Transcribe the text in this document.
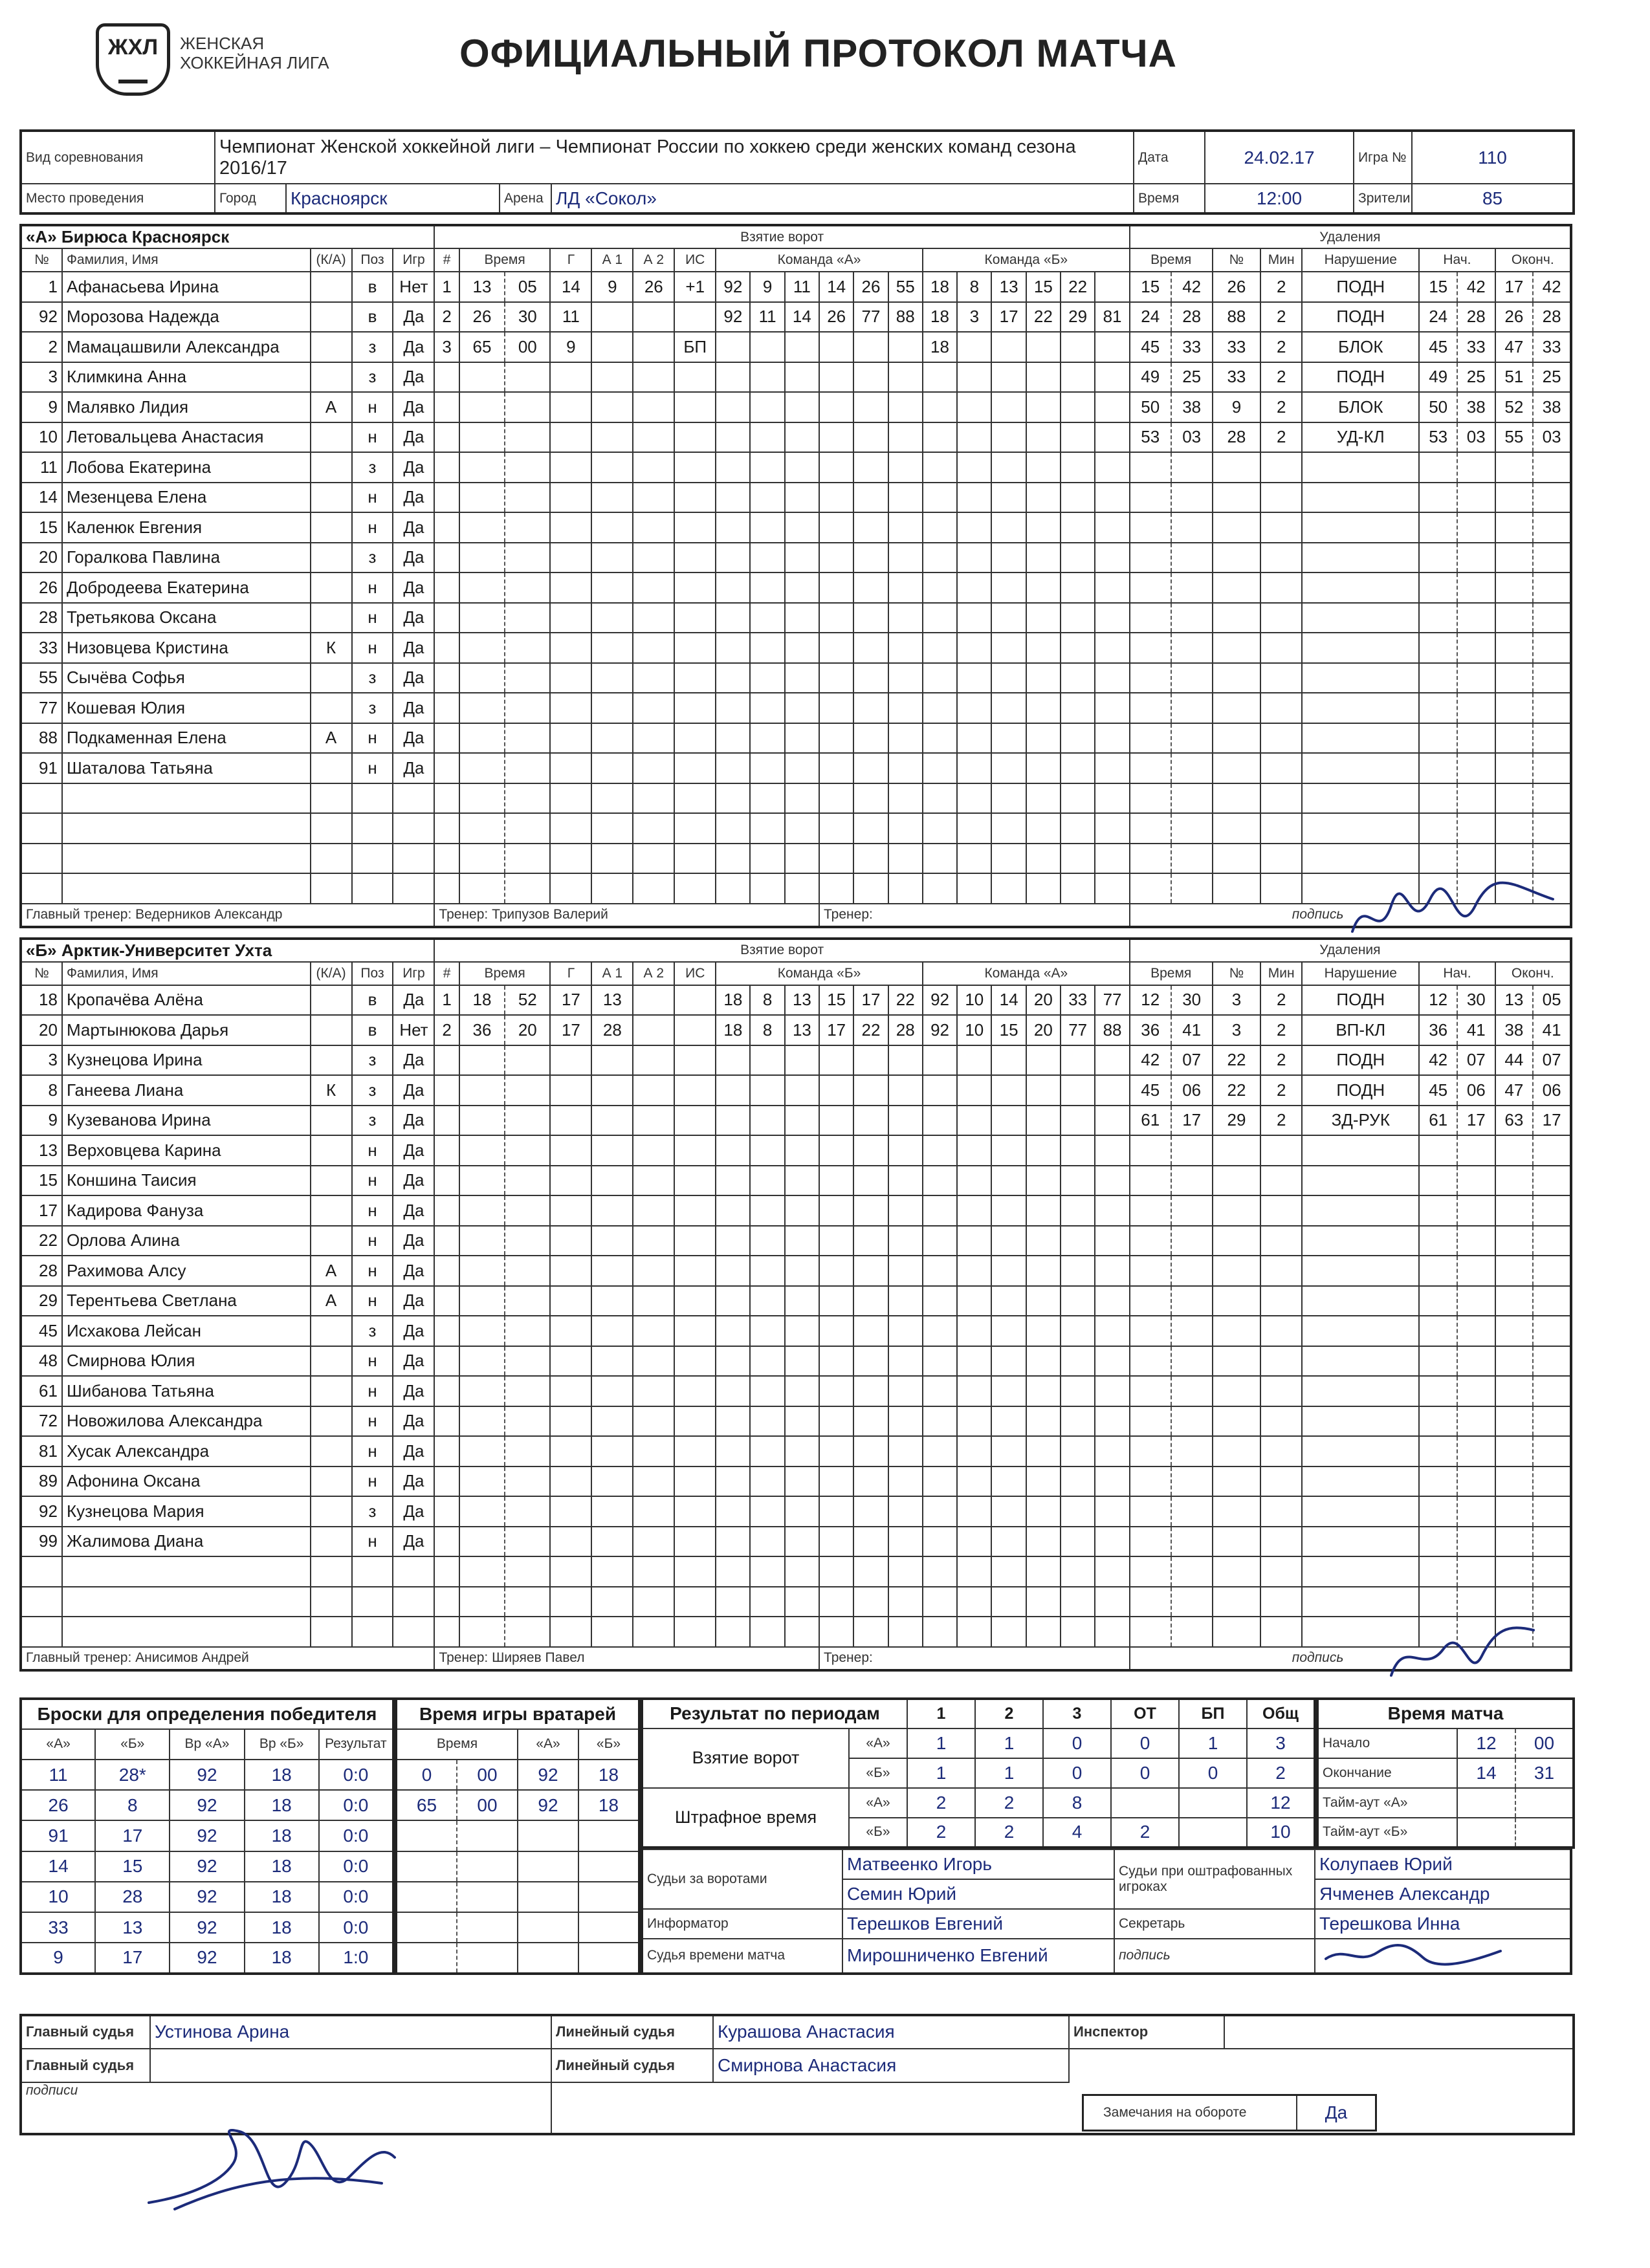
ЖХЛ	ЖЕНСКАЯ ХОККЕЙНАЯ ЛИГА	ОФИЦИАЛЬНЫЙ ПРОТОКОЛ МАТЧА
Вид соревнования	Чемпионат Женской хоккейной лиги – Чемпионат России по хоккею среди женских команд сезона 2016/17				Дата	24.02.17	Игра №	110
Место проведения	Город	Красноярск	Арена	ЛД «Сокол»	Время	12:00	Зрители	85
«А» Бирюса Красноярск					Взятие ворот																			Удаления								
№	Фамилия, Имя	(К/А)	Поз	Игр	#	Время		Г	А 1	А 2	ИС	Команда «А»						Команда «Б»						Время		№	Мин	Нарушение	Нач.		Оконч.	
1	Афанасьева Ирина		в	Нет	1	13	05	14	9	26	+1	92	9	11	14	26	55	18	8	13	15	22		15	42	26	2	ПОДН	15	42	17	42
92	Морозова Надежда		в	Да	2	26	30	11				92	11	14	26	77	88	18	3	17	22	29	81	24	28	88	2	ПОДН	24	28	26	28
2	Мамацашвили Александра		з	Да	3	65	00	9			БП							18						45	33	33	2	БЛОК	45	33	47	33
3	Климкина Анна		з	Да																				49	25	33	2	ПОДН	49	25	51	25
9	Малявко Лидия	А	н	Да																				50	38	9	2	БЛОК	50	38	52	38
10	Летовальцева Анастасия		н	Да																				53	03	28	2	УД-КЛ	53	03	55	03
11	Лобова Екатерина		з	Да																												
14	Мезенцева Елена		н	Да																												
15	Каленюк Евгения		н	Да																												
20	Горалкова Павлина		з	Да																												
26	Добродеева Екатерина		н	Да																												
28	Третьякова Оксана		н	Да																												
33	Низовцева Кристина	К	н	Да																												
55	Сычёва Софья		з	Да																												
77	Кошевая Юлия		з	Да																												
88	Подкаменная Елена	А	н	Да																												
91	Шаталова Татьяна		н	Да																												

Главный тренер: Ведерников Александр					Тренер: Трипузов Валерий										Тренер:									подпись								
«Б» Арктик-Университет Ухта					Взятие ворот																			Удаления								
№	Фамилия, Имя	(К/А)	Поз	Игр	#	Время		Г	А 1	А 2	ИС	Команда «Б»						Команда «А»						Время		№	Мин	Нарушение	Нач.		Оконч.	
18	Кропачёва Алёна		в	Да	1	18	52	17	13			18	8	13	15	17	22	92	10	14	20	33	77	12	30	3	2	ПОДН	12	30	13	05
20	Мартынюкова Дарья		в	Нет	2	36	20	17	28			18	8	13	17	22	28	92	10	15	20	77	88	36	41	3	2	ВП-КЛ	36	41	38	41
3	Кузнецова Ирина		з	Да																				42	07	22	2	ПОДН	42	07	44	07
8	Ганеева Лиана	К	з	Да																				45	06	22	2	ПОДН	45	06	47	06
9	Кузеванова Ирина		з	Да																				61	17	29	2	ЗД-РУК	61	17	63	17
13	Верховцева Карина		н	Да																												
15	Коншина Таисия		н	Да																												
17	Кадирова Фануза		н	Да																												
22	Орлова Алина		н	Да																												
28	Рахимова Алсу	А	н	Да																												
29	Терентьева Светлана	А	н	Да																												
45	Исхакова Лейсан		з	Да																												
48	Смирнова Юлия		н	Да																												
61	Шибанова Татьяна		н	Да																												
72	Новожилова Александра		н	Да																												
81	Хусак Александра		н	Да																												
89	Афонина Оксана		н	Да																												
92	Кузнецова Мария		з	Да																												
99	Жалимова Диана		н	Да																												

Главный тренер: Анисимов Андрей					Тренер: Ширяев Павел										Тренер:									подпись								
Броски для определения победителя				
«А»	«Б»	Вр «А»	Вр «Б»	Результат
11	28*	92	18	0:0
26	8	92	18	0:0
91	17	92	18	0:0
14	15	92	18	0:0
10	28	92	18	0:0
33	13	92	18	0:0
9	17	92	18	1:0
Время игры вратарей			
Время		«А»	«Б»
0	00	92	18
65	00	92	18

Результат по периодам		1	2	3	ОТ	БП	Общ
Взятие ворот	«А»	1	1	0	0	1	3
	«Б»	1	1	0	0	0	2
Штрафное время	«А»	2	2	8			12
	«Б»	2	2	4	2		10
Время матча		
Начало	12	00
Окончание	14	31
Тайм-аут «А»		
Тайм-аут «Б»		
Судьи за воротами	Матвеенко Игорь	Судьи при оштрафованных игроках	Колупаев Юрий
	Семин Юрий		Ячменев Александр
Информатор	Терешков Евгений	Секретарь	Терешкова Инна
Судья времени матча	Мирошниченко Евгений	подпись	
Главный судья	Устинова Арина	Линейный судья	Курашова Анастасия	Инспектор	
Главный судья		Линейный судья	Смирнова Анастасия		
подписи				Замечания на обороте Да	
